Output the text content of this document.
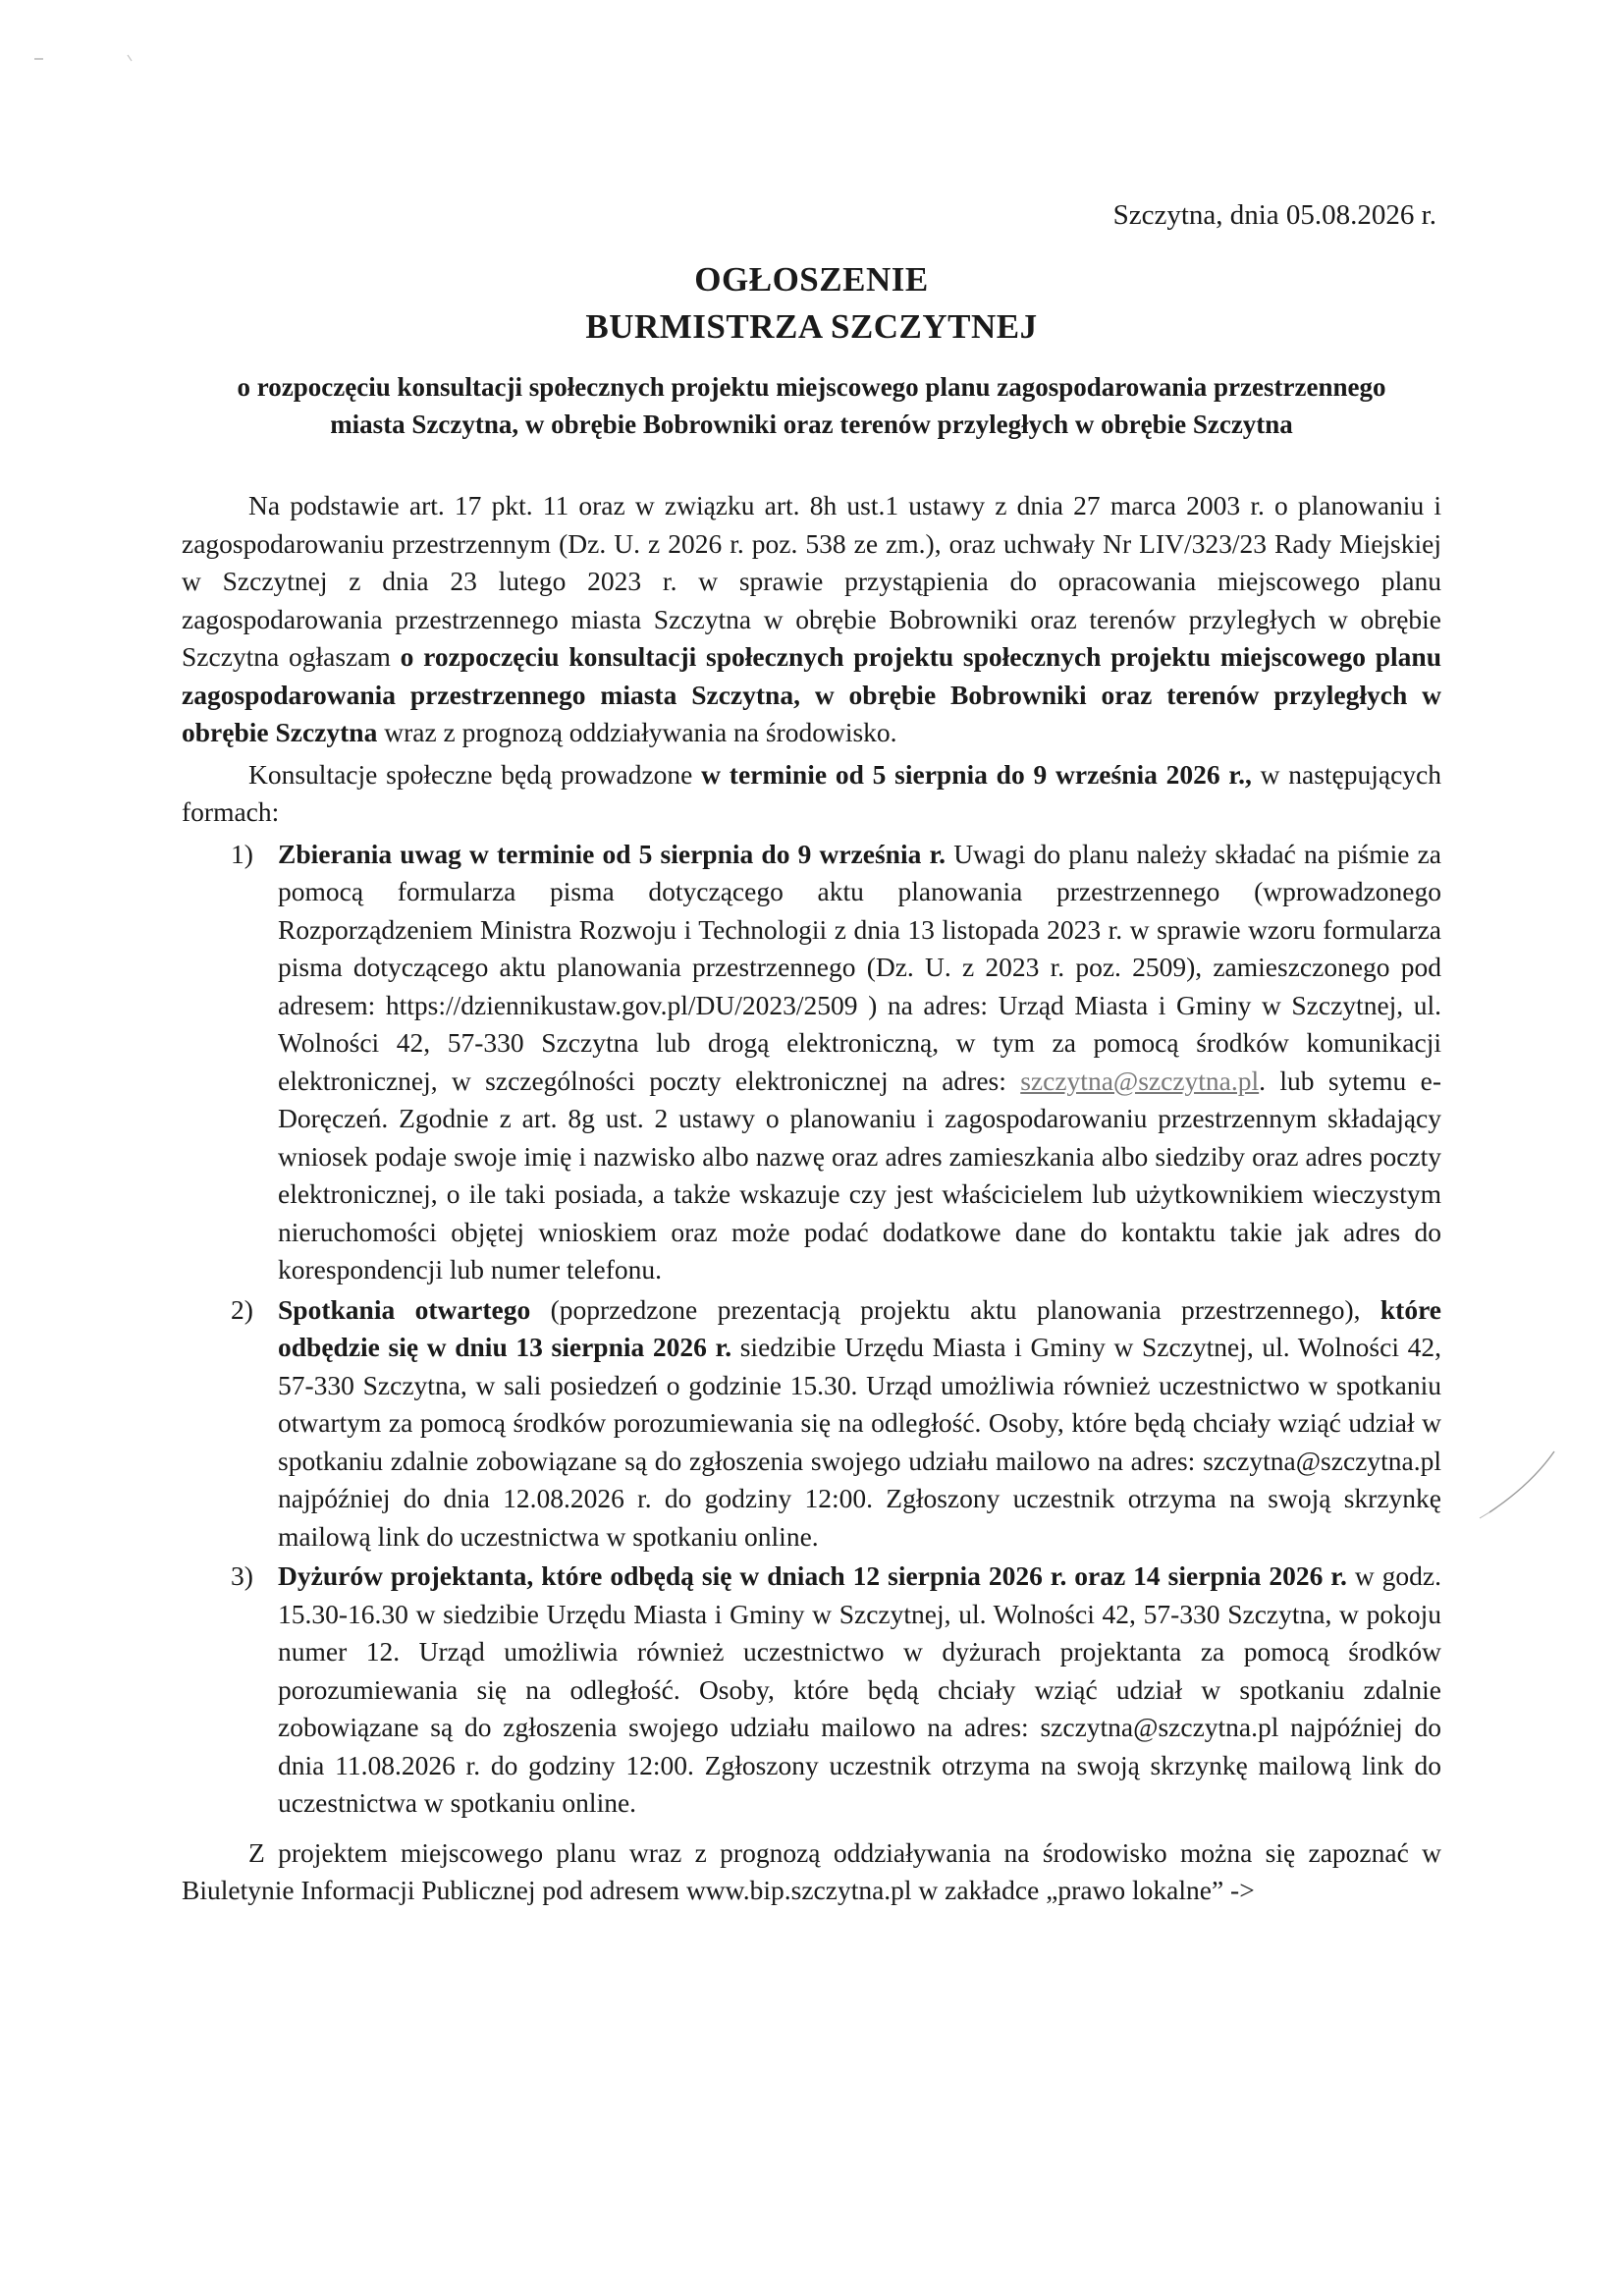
Szczytna, dnia 05.08.2026 r.
OGŁOSZENIE
BURMISTRZA SZCZYTNEJ
o rozpoczęciu konsultacji społecznych projektu miejscowego planu zagospodarowania przestrzennego miasta Szczytna, w obrębie Bobrowniki oraz terenów przyległych w obrębie Szczytna

Na podstawie art. 17 pkt. 11 oraz w związku art. 8h ust.1 ustawy z dnia 27 marca 2003 r. o planowaniu i zagospodarowaniu przestrzennym (Dz. U. z 2026 r. poz. 538 ze zm.), oraz uchwały Nr LIV/323/23 Rady Miejskiej w Szczytnej z dnia 23 lutego 2023 r. w sprawie przystąpienia do opracowania miejscowego planu zagospodarowania przestrzennego miasta Szczytna w obrębie Bobrowniki oraz terenów przyległych w obrębie Szczytna ogłaszam o rozpoczęciu konsultacji społecznych projektu społecznych projektu miejscowego planu zagospodarowania przestrzennego miasta Szczytna, w obrębie Bobrowniki oraz terenów przyległych w obrębie Szczytna wraz z prognozą oddziaływania na środowisko.

Konsultacje społeczne będą prowadzone w terminie od 5 sierpnia do 9 września 2026 r., w następujących formach:

1) Zbierania uwag w terminie od 5 sierpnia do 9 września r. Uwagi do planu należy składać na piśmie za pomocą formularza pisma dotyczącego aktu planowania przestrzennego (wprowadzonego Rozporządzeniem Ministra Rozwoju i Technologii z dnia 13 listopada 2023 r. w sprawie wzoru formularza pisma dotyczącego aktu planowania przestrzennego (Dz. U. z 2023 r. poz. 2509), zamieszczonego pod adresem: https://dziennikustaw.gov.pl/DU/2023/2509 ) na adres: Urząd Miasta i Gminy w Szczytnej, ul. Wolności 42, 57-330 Szczytna lub drogą elektroniczną, w tym za pomocą środków komunikacji elektronicznej, w szczególności poczty elektronicznej na adres: szczytna@szczytna.pl. lub sytemu e-Doręczeń. Zgodnie z art. 8g ust. 2 ustawy o planowaniu i zagospodarowaniu przestrzennym składający wniosek podaje swoje imię i nazwisko albo nazwę oraz adres zamieszkania albo siedziby oraz adres poczty elektronicznej, o ile taki posiada, a także wskazuje czy jest właścicielem lub użytkownikiem wieczystym nieruchomości objętej wnioskiem oraz może podać dodatkowe dane do kontaktu takie jak adres do korespondencji lub numer telefonu.
2) Spotkania otwartego (poprzedzone prezentacją projektu aktu planowania przestrzennego), które odbędzie się w dniu 13 sierpnia 2026 r. siedzibie Urzędu Miasta i Gminy w Szczytnej, ul. Wolności 42, 57-330 Szczytna, w sali posiedzeń o godzinie 15.30. Urząd umożliwia również uczestnictwo w spotkaniu otwartym za pomocą środków porozumiewania się na odległość. Osoby, które będą chciały wziąć udział w spotkaniu zdalnie zobowiązane są do zgłoszenia swojego udziału mailowo na adres: szczytna@szczytna.pl najpóźniej do dnia 12.08.2026 r. do godziny 12:00. Zgłoszony uczestnik otrzyma na swoją skrzynkę mailową link do uczestnictwa w spotkaniu online.
3) Dyżurów projektanta, które odbędą się w dniach 12 sierpnia 2026 r. oraz 14 sierpnia 2026 r. w godz. 15.30-16.30 w siedzibie Urzędu Miasta i Gminy w Szczytnej, ul. Wolności 42, 57-330 Szczytna, w pokoju numer 12. Urząd umożliwia również uczestnictwo w dyżurach projektanta za pomocą środków porozumiewania się na odległość. Osoby, które będą chciały wziąć udział w spotkaniu zdalnie zobowiązane są do zgłoszenia swojego udziału mailowo na adres: szczytna@szczytna.pl najpóźniej do dnia 11.08.2026 r. do godziny 12:00. Zgłoszony uczestnik otrzyma na swoją skrzynkę mailową link do uczestnictwa w spotkaniu online.

Z projektem miejscowego planu wraz z prognozą oddziaływania na środowisko można się zapoznać w Biuletynie Informacji Publicznej pod adresem www.bip.szczytna.pl w zakładce „prawo lokalne” ->
